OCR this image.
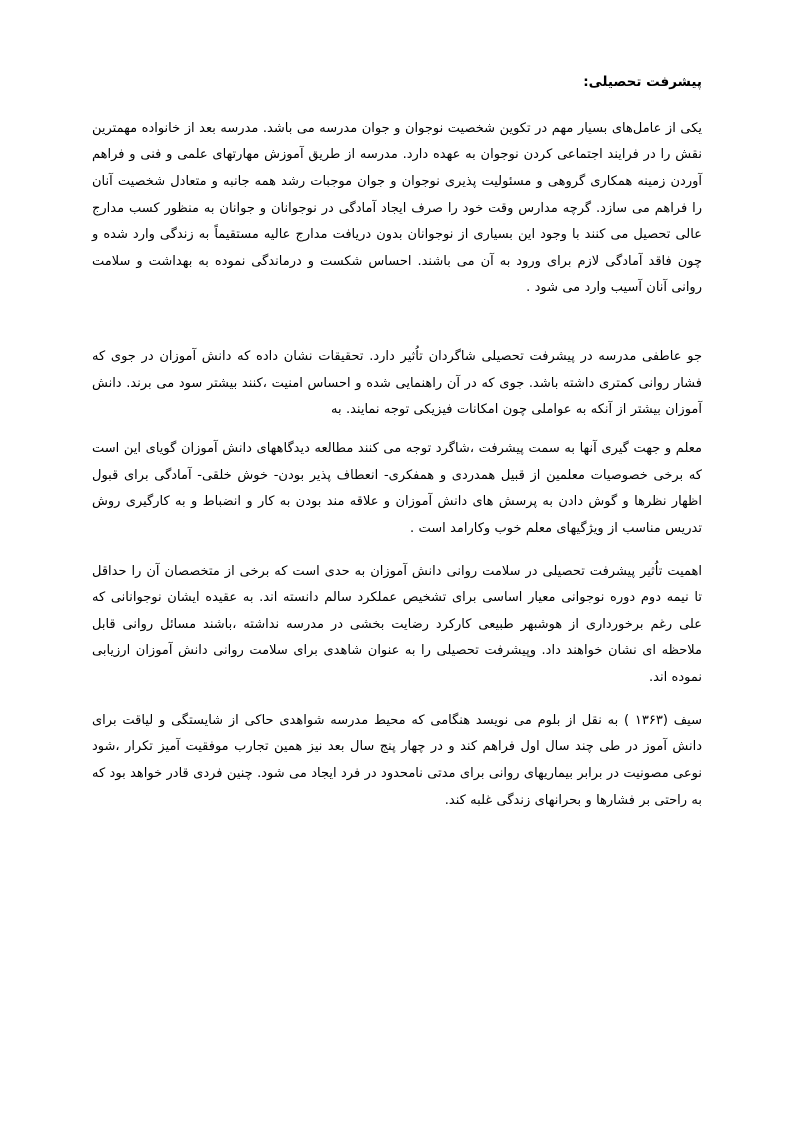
پیشرفت تحصیلی:

یکی از عامل‌های بسیار مهم در تکوین شخصیت نوجوان و جوان مدرسه می باشد. مدرسه بعد از خانواده مهمترین نقش را در فرایند اجتماعی کردن نوجوان به عهده دارد. مدرسه از طریق آموزش مهارتهای علمی و فنی و فراهم آوردن زمینه همکاری گروهی و مسئولیت پذیری نوجوان و جوان موجبات رشد همه جانبه و متعادل شخصیت آنان را فراهم می سازد. گرچه مدارس وقت خود را صرف ایجاد آمادگی در نوجوانان و جوانان به منظور کسب مدارج عالی تحصیل می کنند با وجود این بسیاری از نوجوانان بدون دریافت مدارج عالیه مستقیماً به زندگی وارد شده و چون فاقد آمادگی لازم برای ورود به آن می باشند. احساس شکست و درماندگی نموده به بهداشت و سلامت روانی آنان آسیب وارد می شود .

جو عاطفی مدرسه در پیشرفت تحصیلی شاگردان تاُثیر دارد. تحقیقات نشان داده که دانش آموزان در جوی که فشار روانی کمتری داشته باشد. جوی که در آن راهنمایی شده و احساس امنیت ،کنند بیشتر سود می برند. دانش آموزان بیشتر از آنکه به عواملی چون امکانات فیزیکی توجه نمایند. به

معلم و جهت گیری آنها به سمت پیشرفت ،شاگرد توجه می کنند مطالعه دیدگاههای دانش آموزان گویای این است که برخی خصوصیات معلمین از قبیل همدردی و همفکری- انعطاف پذیر بودن- خوش خلقی- آمادگی برای قبول اظهار نظرها و گوش دادن به پرسش های دانش آموزان و علاقه مند بودن به کار و انضباط و به کارگیری روش تدریس مناسب از ویژگیهای معلم خوب وکارامد است .

اهمیت تاُثیر پیشرفت تحصیلی در سلامت روانی دانش آموزان به حدی است که برخی از متخصصان آن را حداقل تا نیمه دوم دوره نوجوانی معیار اساسی برای تشخیص عملکرد سالم دانسته اند. به عقیده ایشان نوجوانانی که علی رغم برخورداری از هوشبهر طبیعی کارکرد رضایت بخشی در مدرسه نداشته ،باشند مسائل روانی قابل ملاحظه ای نشان خواهند داد. وپیشرفت تحصیلی را به عنوان شاهدی برای سلامت روانی دانش آموزان ارزیابی نموده اند.

سیف (۱۳۶۳ ) به نقل از بلوم می نویسد هنگامی که محیط مدرسه شواهدی حاکی از شایستگی و لیاقت برای دانش آموز در طی چند سال اول فراهم کند و در چهار پنج سال بعد نیز همین تجارب موفقیت آمیز تکرار ،شود نوعی مصونیت در برابر بیماریهای روانی برای مدتی نامحدود در فرد ایجاد می شود. چنین فردی قادر خواهد بود که به راحتی بر فشارها و بحرانهای زندگی غلبه کند.
